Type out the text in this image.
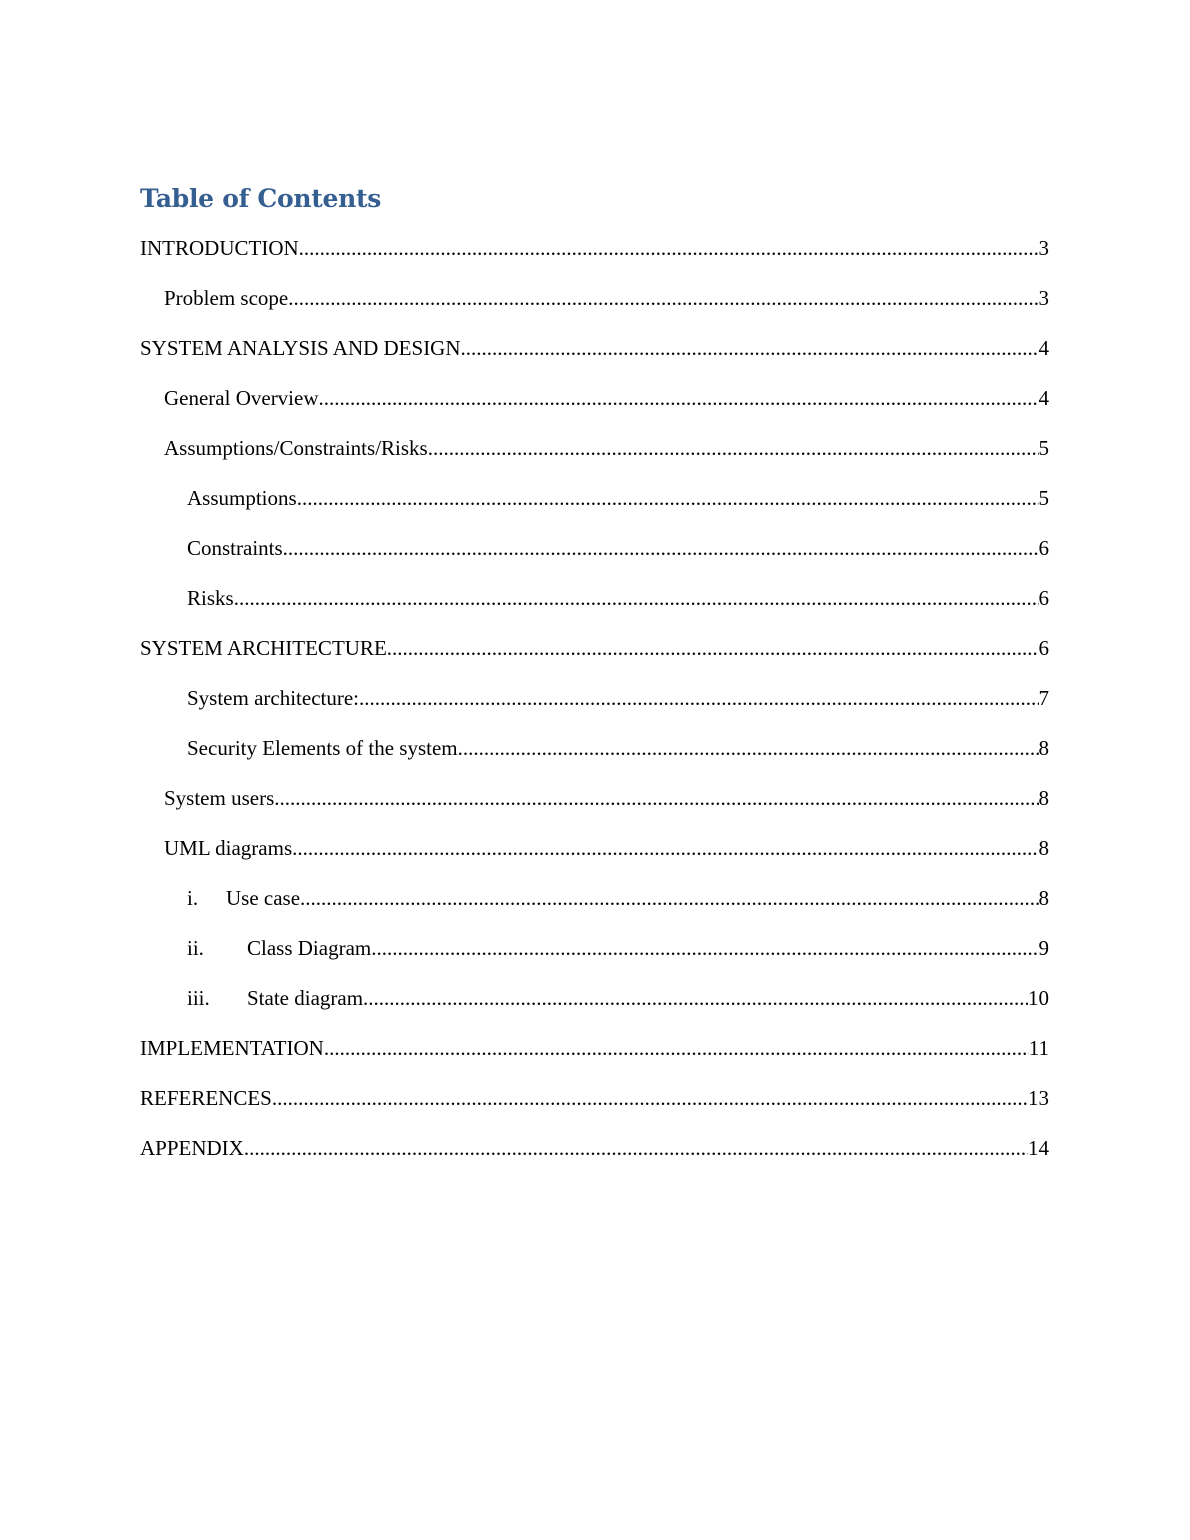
Table of Contents
INTRODUCTION .....	3
Problem scope .....	3
SYSTEM ANALYSIS AND DESIGN .....	4
General Overview .....	4
Assumptions/Constraints/Risks .....	5
Assumptions .....	5
Constraints .....	6
Risks .....	6
SYSTEM ARCHITECTURE .....	6
System architecture: .....	7
Security Elements of the system .....	8
System users .....	8
UML diagrams .....	8
i.	Use case .....	8
ii.	Class Diagram .....	9
iii.	State diagram .....	10
IMPLEMENTATION .....	11
REFERENCES .....	13
APPENDIX .....	14
